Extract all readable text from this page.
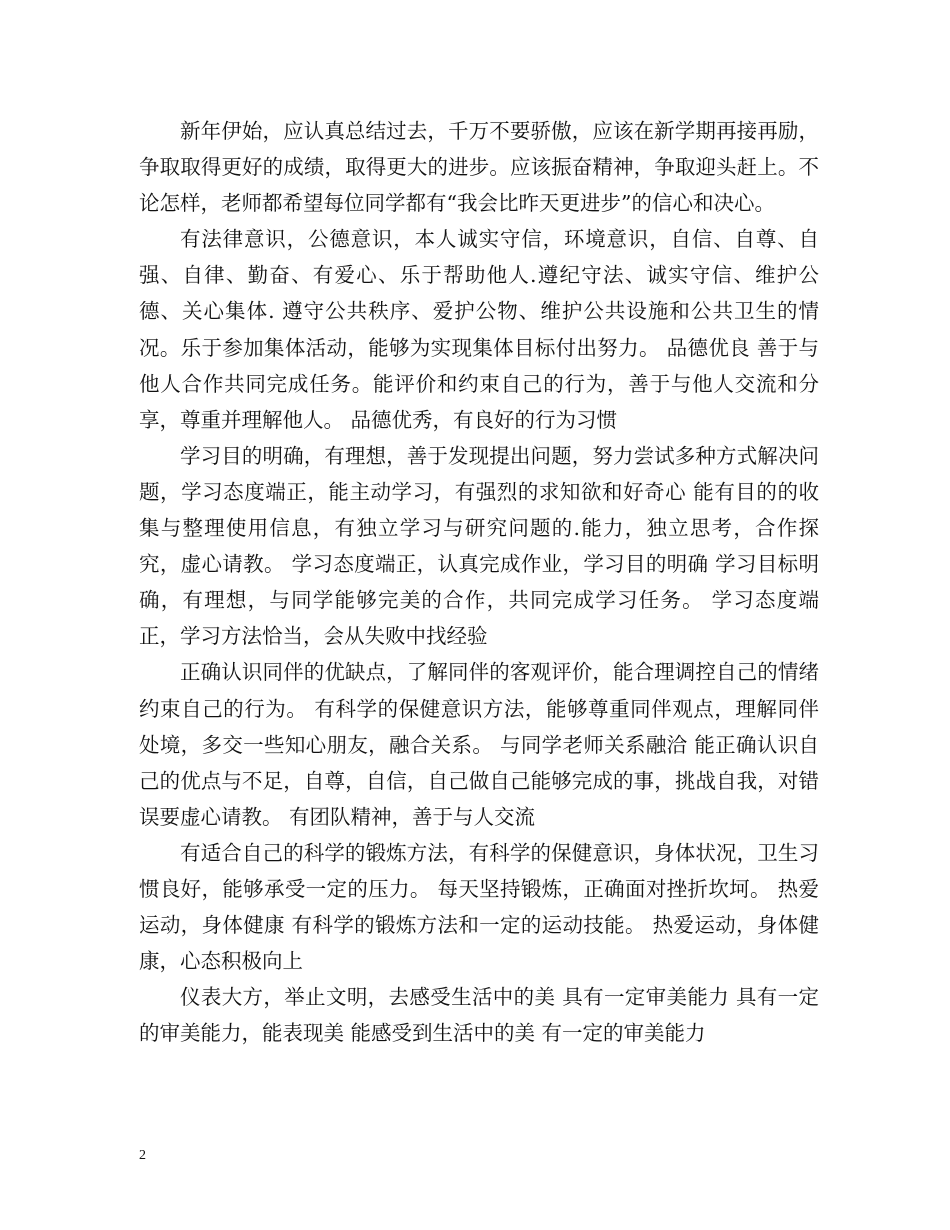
新年伊始，应认真总结过去，千万不要骄傲，应该在新学期再接再励，争取取得更好的成绩，取得更大的进步。应该振奋精神，争取迎头赶上。不论怎样，老师都希望每位同学都有“我会比昨天更进步”的信心和决心。

有法律意识，公德意识，本人诚实守信，环境意识，自信、自尊、自强、自律、勤奋、有爱心、乐于帮助他人.遵纪守法、诚实守信、维护公德、关心集体. 遵守公共秩序、爱护公物、维护公共设施和公共卫生的情况。乐于参加集体活动，能够为实现集体目标付出努力。 品德优良 善于与他人合作共同完成任务。能评价和约束自己的行为，善于与他人交流和分享，尊重并理解他人。 品德优秀，有良好的行为习惯

学习目的明确，有理想，善于发现提出问题，努力尝试多种方式解决问题，学习态度端正，能主动学习，有强烈的求知欲和好奇心 能有目的的收集与整理使用信息，有独立学习与研究问题的.能力，独立思考，合作探究，虚心请教。 学习态度端正，认真完成作业，学习目的明确 学习目标明确，有理想，与同学能够完美的合作，共同完成学习任务。 学习态度端正，学习方法恰当，会从失败中找经验

正确认识同伴的优缺点，了解同伴的客观评价，能合理调控自己的情绪约束自己的行为。 有科学的保健意识方法，能够尊重同伴观点，理解同伴处境，多交一些知心朋友，融合关系。 与同学老师关系融洽 能正确认识自己的优点与不足，自尊，自信，自己做自己能够完成的事，挑战自我，对错误要虚心请教。 有团队精神，善于与人交流

有适合自己的科学的锻炼方法，有科学的保健意识，身体状况，卫生习惯良好，能够承受一定的压力。 每天坚持锻炼，正确面对挫折坎坷。 热爱运动，身体健康 有科学的锻炼方法和一定的运动技能。 热爱运动，身体健康，心态积极向上

仪表大方，举止文明，去感受生活中的美 具有一定审美能力 具有一定的审美能力，能表现美 能感受到生活中的美 有一定的审美能力

2
